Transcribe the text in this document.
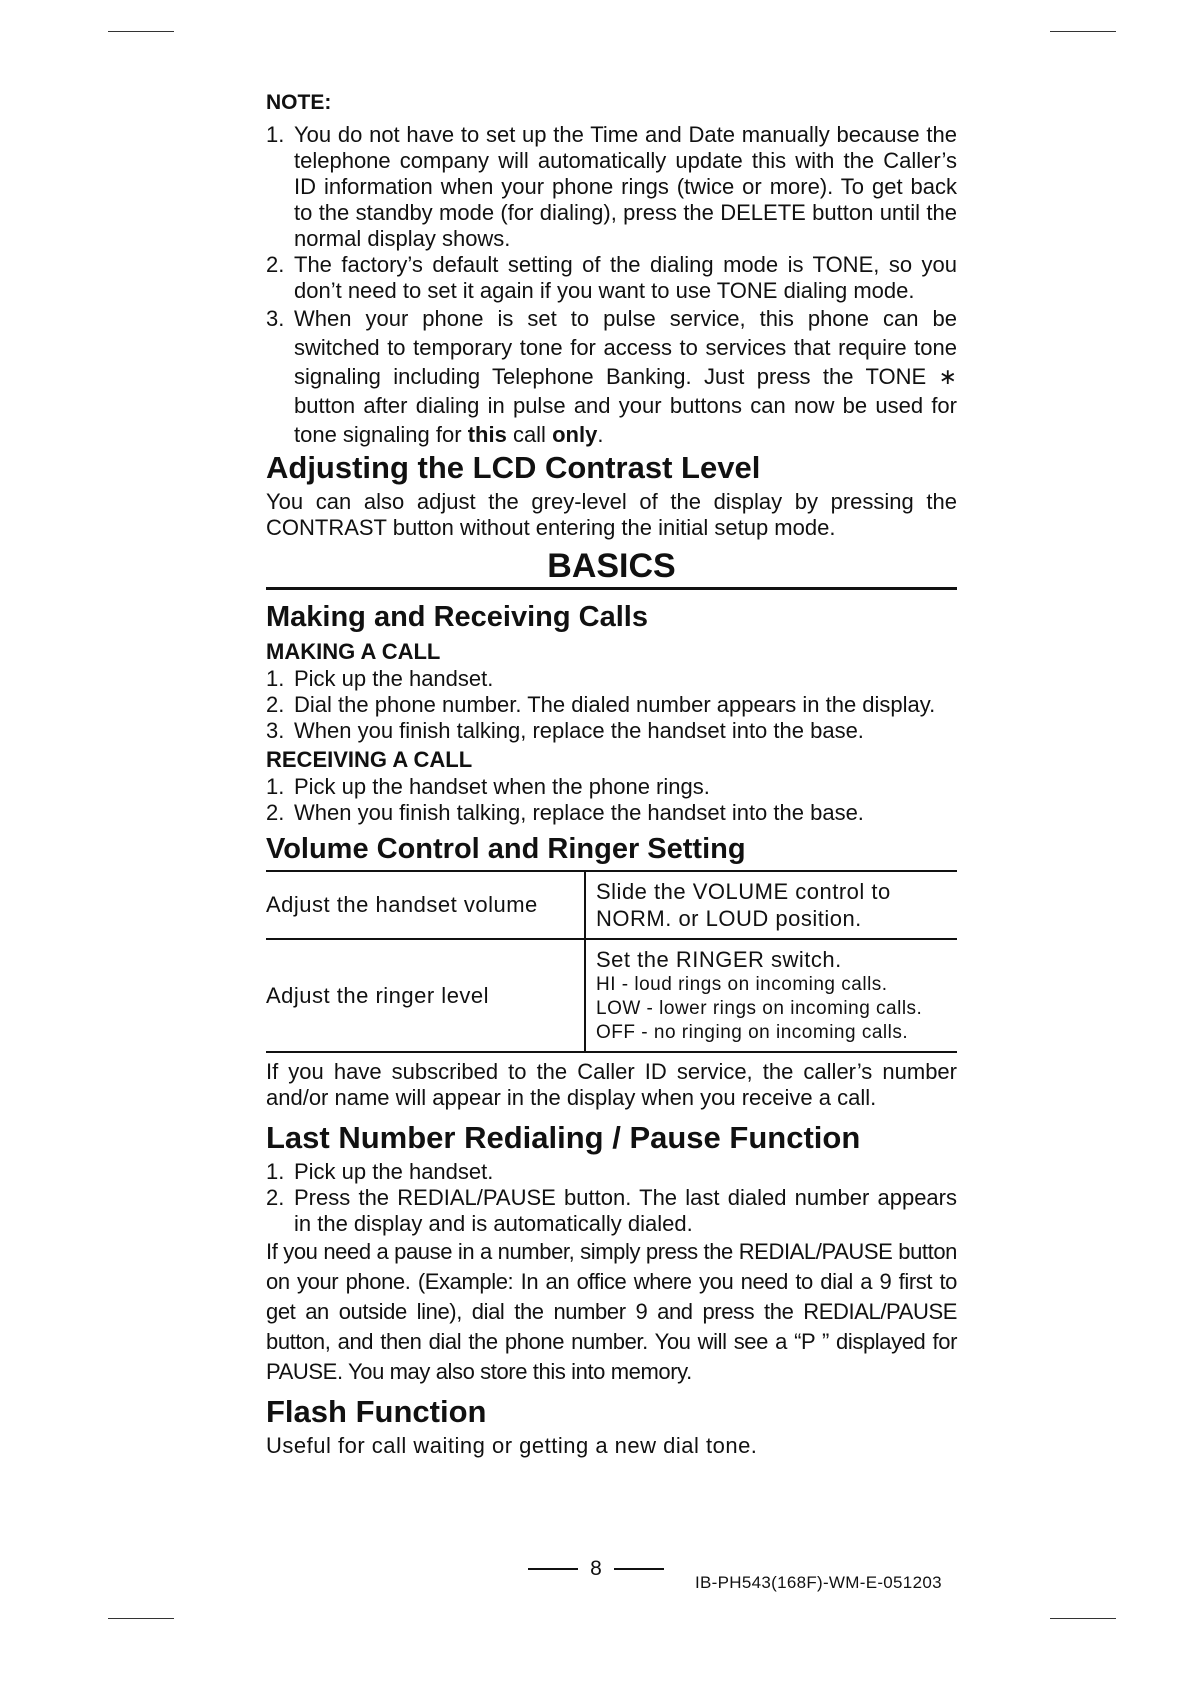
NOTE:
1. You do not have to set up the Time and Date manually because the telephone company will automatically update this with the Caller’s ID information when your phone rings (twice or more). To get back to the standby mode (for dialing), press the DELETE button until the normal display shows.
2. The factory’s default setting of the dialing mode is TONE, so you don’t need to set it again if you want to use TONE dialing mode.
3. When your phone is set to pulse service, this phone can be switched to temporary tone for access to services that require tone signaling including Telephone Banking. Just press the TONE ∗ button after dialing in pulse and your buttons can now be used for tone signaling for this call only.
Adjusting the LCD Contrast Level

You can also adjust the grey-level of the display by pressing the CONTRAST button without entering the initial setup mode.

BASICS
Making and Receiving Calls
MAKING A CALL
1. Pick up the handset.
2. Dial the phone number. The dialed number appears in the display.
3. When you finish talking, replace the handset into the base.
RECEIVING A CALL
1. Pick up the handset when the phone rings.
2. When you finish talking, replace the handset into the base.
Volume Control and Ringer Setting
Adjust the handset volume	Slide the VOLUME control to NORM. or LOUD position.

Adjust the ringer level	Set the RINGER switch.
HI - loud rings on incoming calls.
LOW - lower rings on incoming calls.
OFF - no ringing on incoming calls.

If you have subscribed to the Caller ID service, the caller’s number and/or name will appear in the display when you receive a call.

Last Number Redialing / Pause Function
1. Pick up the handset.
2. Press the REDIAL/PAUSE button. The last dialed number appears in the display and is automatically dialed.

If you need a pause in a number, simply press the REDIAL/PAUSE button on your phone. (Example: In an office where you need to dial a 9 first to get an outside line), dial the number 9 and press the REDIAL/PAUSE button, and then dial the phone number. You will see a “P ” displayed for PAUSE. You may also store this into memory.

Flash Function

Useful for call waiting or getting a new dial tone.

8
IB-PH543(168F)-WM-E-051203
